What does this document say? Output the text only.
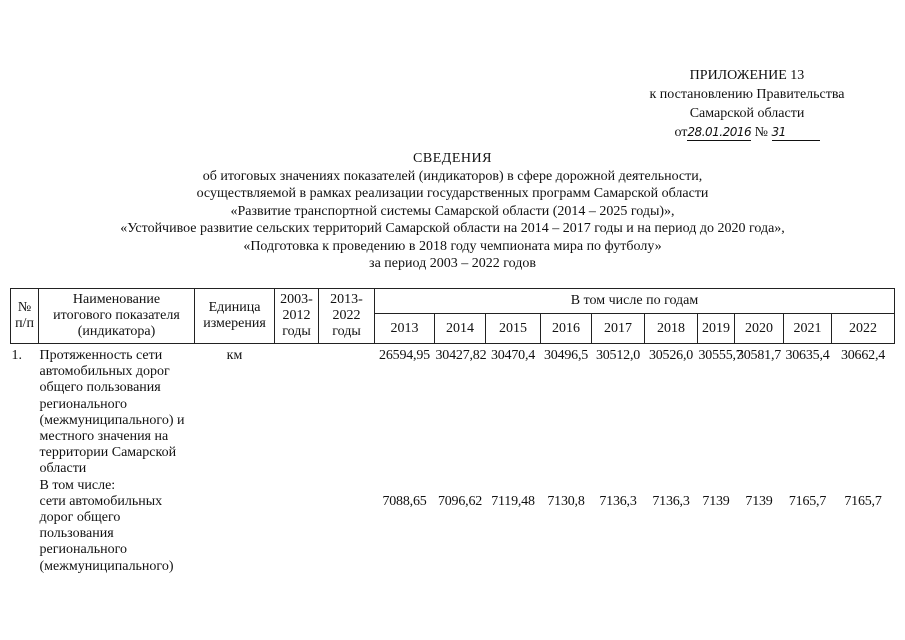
ПРИЛОЖЕНИЕ 13
к постановлению Правительства
Самарской области
от28.01.2016 № 31
СВЕДЕНИЯ
об итоговых значениях показателей (индикаторов) в сфере дорожной деятельности,
осуществляемой в рамках реализации государственных программ Самарской области
«Развитие транспортной системы Самарской области (2014 – 2025 годы)»,
«Устойчивое развитие сельских территорий Самарской области на 2014 – 2017 годы и на период до 2020 года»,
«Подготовка к проведению в 2018 году чемпионата мира по футболу»
за период 2003 – 2022 годов
№
п/п	Наименование
итогового показателя
(индикатора)	Единица
измерения	2003-
2012
годы	2013-
2022
годы	В том числе по годам									
					2013	2014	2015	2016	2017	2018	2019	2020	2021	2022
1.	Протяженность сети автомобильных дорог общего пользования регионального (межмуниципального) и местного значения на территории Самарской области	км			26594,95	30427,82	30470,4	30496,5	30512,0	30526,0	30555,7	30581,7	30635,4	30662,4
	В том числе:													
	сети автомобильных дорог общего пользования регионального (межмуниципального)				7088,65	7096,62	7119,48	7130,8	7136,3	7136,3	7139	7139	7165,7	7165,7
